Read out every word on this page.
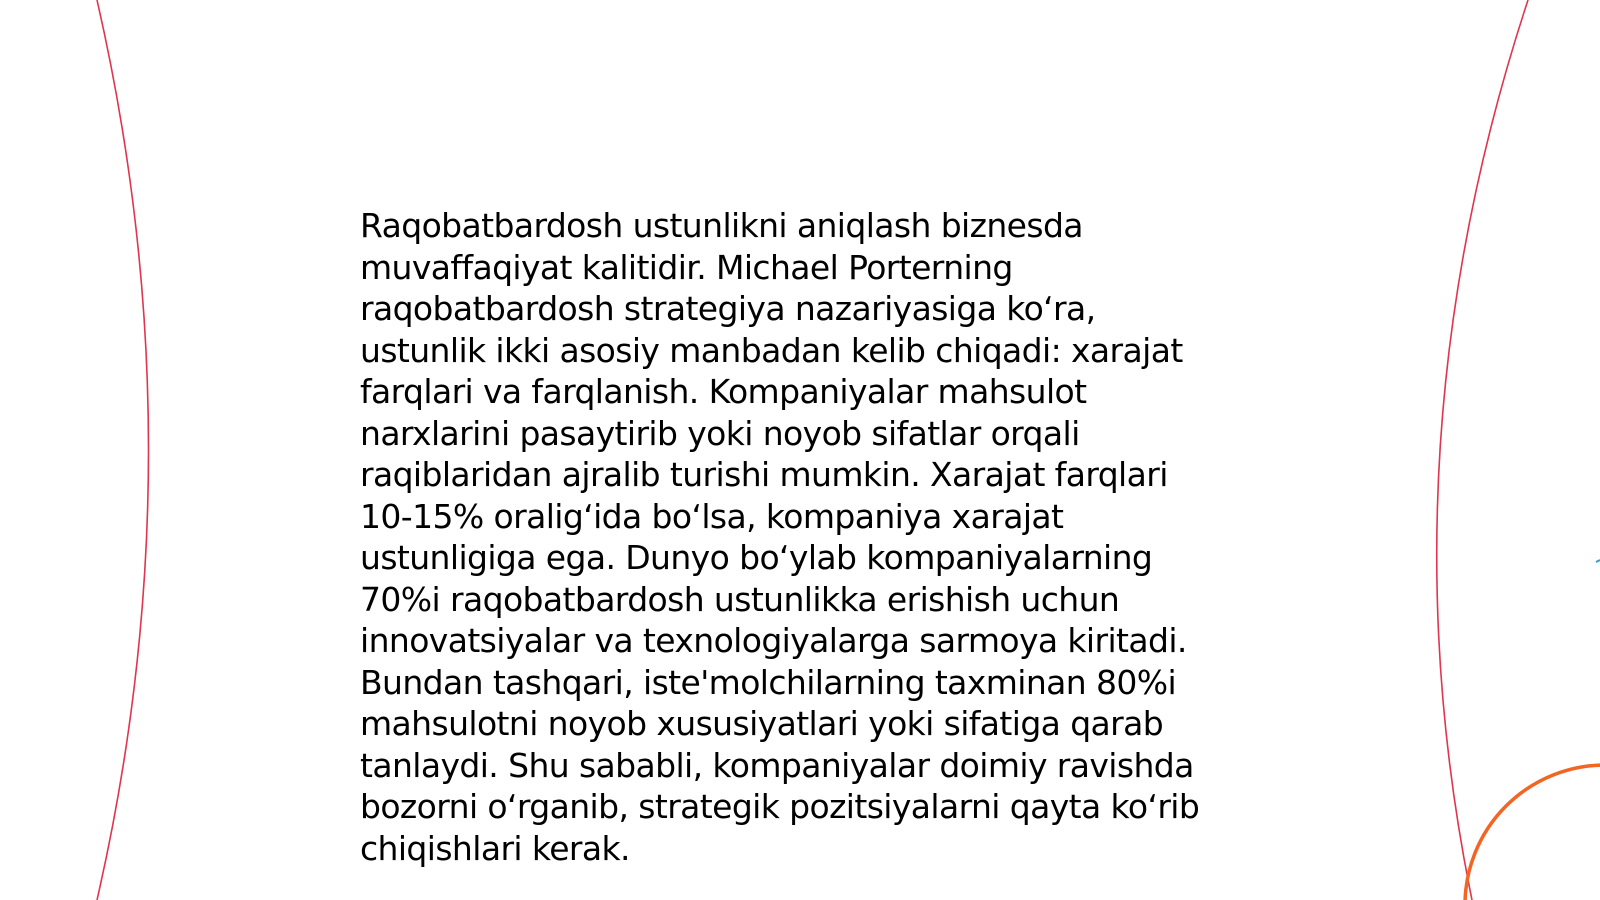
Raqobatbardosh ustunlikni aniqlash biznesda muvaffaqiyat kalitidir. Michael Porterning raqobatbardosh strategiya nazariyasiga koʻra, ustunlik ikki asosiy manbadan kelib chiqadi: xarajat farqlari va farqlanish. Kompaniyalar mahsulot narxlarini pasaytirib yoki noyob sifatlar orqali raqiblaridan ajralib turishi mumkin. Xarajat farqlari 10-15% oraligʻida boʻlsa, kompaniya xarajat ustunligiga ega. Dunyo boʻylab kompaniyalarning 70%i raqobatbardosh ustunlikka erishish uchun innovatsiyalar va texnologiyalarga sarmoya kiritadi. Bundan tashqari, iste'molchilarning taxminan 80%i mahsulotni noyob xususiyatlari yoki sifatiga qarab tanlaydi. Shu sababli, kompaniyalar doimiy ravishda bozorni oʻrganib, strategik pozitsiyalarni qayta koʻrib chiqishlari kerak.
